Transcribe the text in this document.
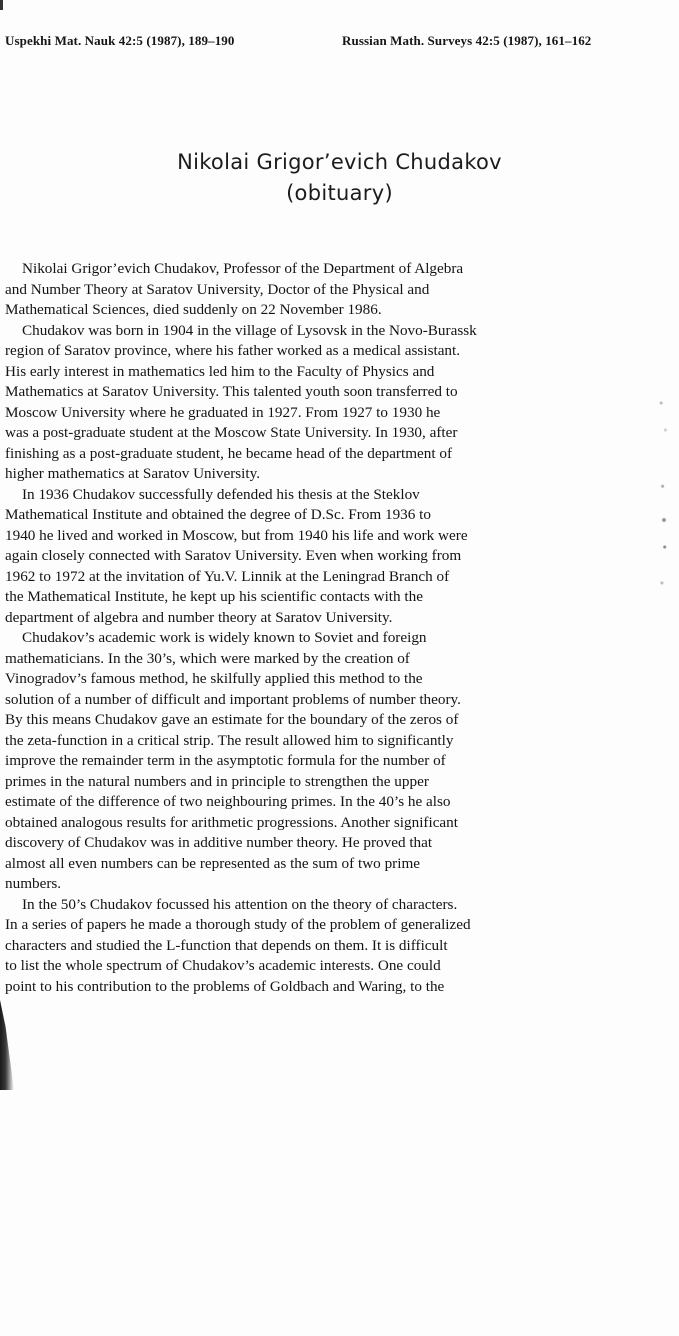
Uspekhi Mat. Nauk 42:5 (1987), 189–190	Russian Math. Surveys 42:5 (1987), 161–162
Nikolai Grigor’evich Chudakov
(obituary)
Nikolai Grigor’evich Chudakov, Professor of the Department of Algebra
and Number Theory at Saratov University, Doctor of the Physical and
Mathematical Sciences, died suddenly on 22 November 1986.
Chudakov was born in 1904 in the village of Lysovsk in the Novo-Burassk
region of Saratov province, where his father worked as a medical assistant.
His early interest in mathematics led him to the Faculty of Physics and
Mathematics at Saratov University. This talented youth soon transferred to
Moscow University where he graduated in 1927. From 1927 to 1930 he
was a post-graduate student at the Moscow State University. In 1930, after
finishing as a post-graduate student, he became head of the department of
higher mathematics at Saratov University.
In 1936 Chudakov successfully defended his thesis at the Steklov
Mathematical Institute and obtained the degree of D.Sc. From 1936 to
1940 he lived and worked in Moscow, but from 1940 his life and work were
again closely connected with Saratov University. Even when working from
1962 to 1972 at the invitation of Yu.V. Linnik at the Leningrad Branch of
the Mathematical Institute, he kept up his scientific contacts with the
department of algebra and number theory at Saratov University.
Chudakov’s academic work is widely known to Soviet and foreign
mathematicians. In the 30’s, which were marked by the creation of
Vinogradov’s famous method, he skilfully applied this method to the
solution of a number of difficult and important problems of number theory.
By this means Chudakov gave an estimate for the boundary of the zeros of
the zeta-function in a critical strip. The result allowed him to significantly
improve the remainder term in the asymptotic formula for the number of
primes in the natural numbers and in principle to strengthen the upper
estimate of the difference of two neighbouring primes. In the 40’s he also
obtained analogous results for arithmetic progressions. Another significant
discovery of Chudakov was in additive number theory. He proved that
almost all even numbers can be represented as the sum of two prime
numbers.
In the 50’s Chudakov focussed his attention on the theory of characters.
In a series of papers he made a thorough study of the problem of generalized
characters and studied the L-function that depends on them. It is difficult
to list the whole spectrum of Chudakov’s academic interests. One could
point to his contribution to the problems of Goldbach and Waring, to the
